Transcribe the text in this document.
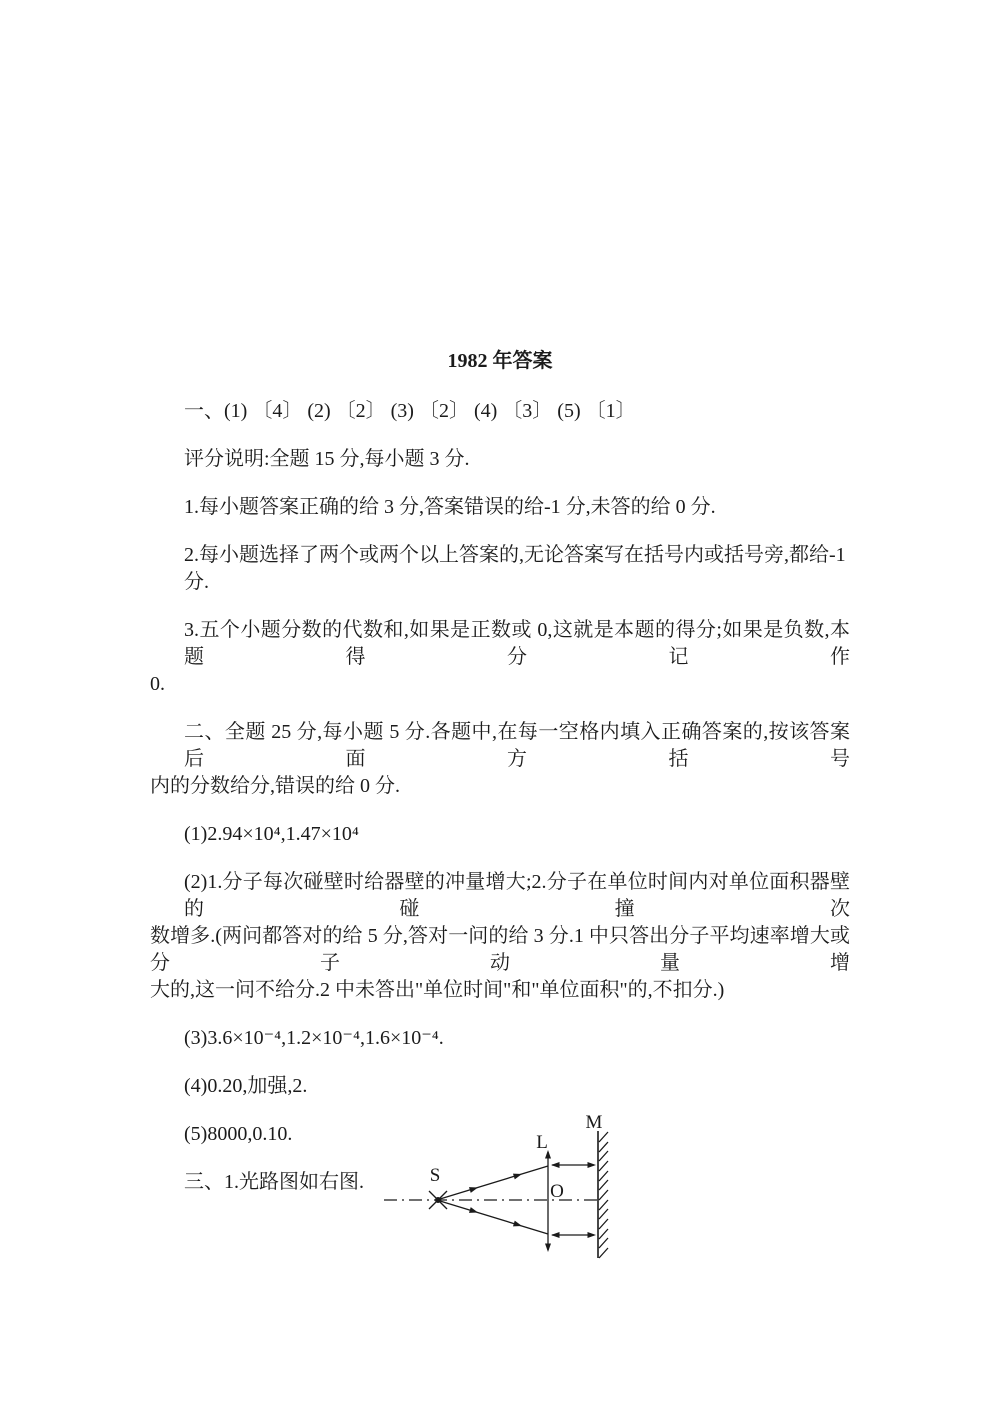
1982 年答案
一、(1) 〔4〕 (2) 〔2〕 (3) 〔2〕 (4) 〔3〕 (5) 〔1〕
评分说明:全题 15 分,每小题 3 分.
1.每小题答案正确的给 3 分,答案错误的给-1 分,未答的给 0 分.
2.每小题选择了两个或两个以上答案的,无论答案写在括号内或括号旁,都给-1 分.
3.五个小题分数的代数和,如果是正数或 0,这就是本题的得分;如果是负数,本题得分记作
0.
二、全题 25 分,每小题 5 分.各题中,在每一空格内填入正确答案的,按该答案后面方括号
内的分数给分,错误的给 0 分.
(1)2.94×10⁴,1.47×10⁴
(2)1.分子每次碰壁时给器壁的冲量增大;2.分子在单位时间内对单位面积器壁的碰撞次
数增多.(两问都答对的给 5 分,答对一问的给 3 分.1 中只答出分子平均速率增大或分子动量增
大的,这一问不给分.2 中未答出"单位时间"和"单位面积"的,不扣分.)
(3)3.6×10⁻⁴,1.2×10⁻⁴,1.6×10⁻⁴.
(4)0.20,加强,2.
(5)8000,0.10.
三、1.光路图如右图.	S
L
O
M
